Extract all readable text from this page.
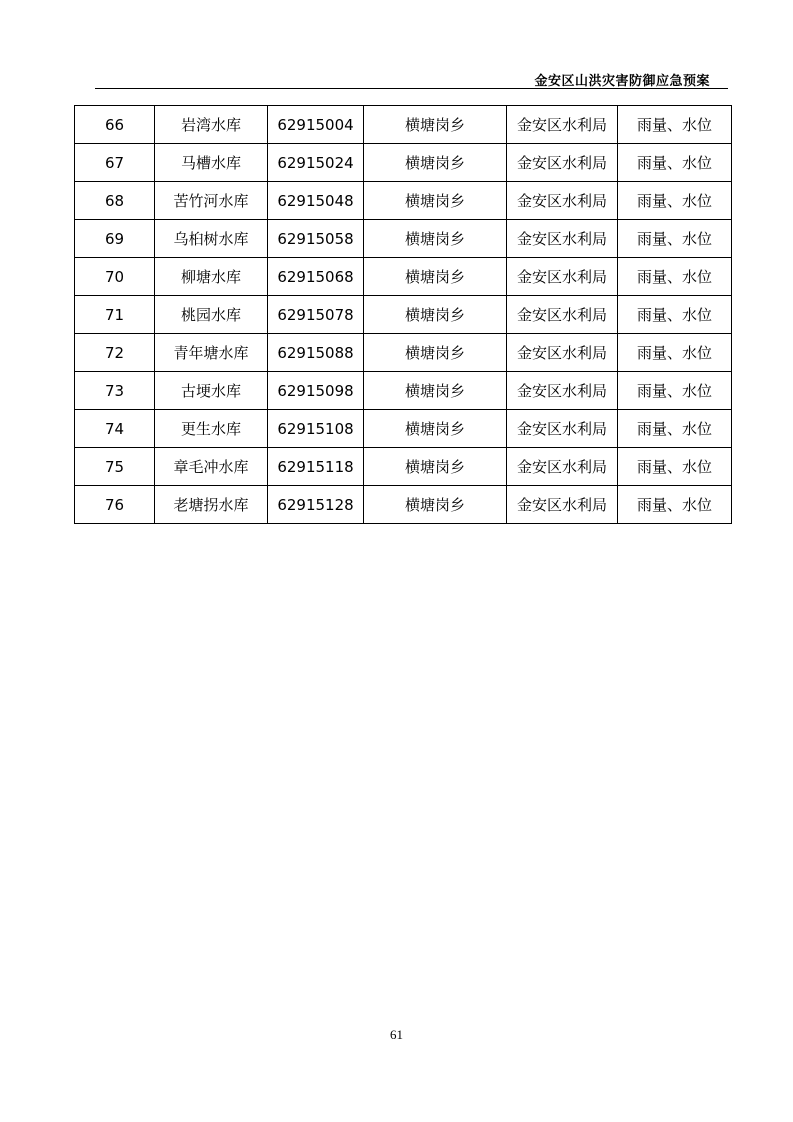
金安区山洪灾害防御应急预案
66	岩湾水库	62915004	横塘岗乡	金安区水利局	雨量、水位
67	马槽水库	62915024	横塘岗乡	金安区水利局	雨量、水位
68	苦竹河水库	62915048	横塘岗乡	金安区水利局	雨量、水位
69	乌桕树水库	62915058	横塘岗乡	金安区水利局	雨量、水位
70	柳塘水库	62915068	横塘岗乡	金安区水利局	雨量、水位
71	桃园水库	62915078	横塘岗乡	金安区水利局	雨量、水位
72	青年塘水库	62915088	横塘岗乡	金安区水利局	雨量、水位
73	古埂水库	62915098	横塘岗乡	金安区水利局	雨量、水位
74	更生水库	62915108	横塘岗乡	金安区水利局	雨量、水位
75	章毛冲水库	62915118	横塘岗乡	金安区水利局	雨量、水位
76	老塘拐水库	62915128	横塘岗乡	金安区水利局	雨量、水位
61
